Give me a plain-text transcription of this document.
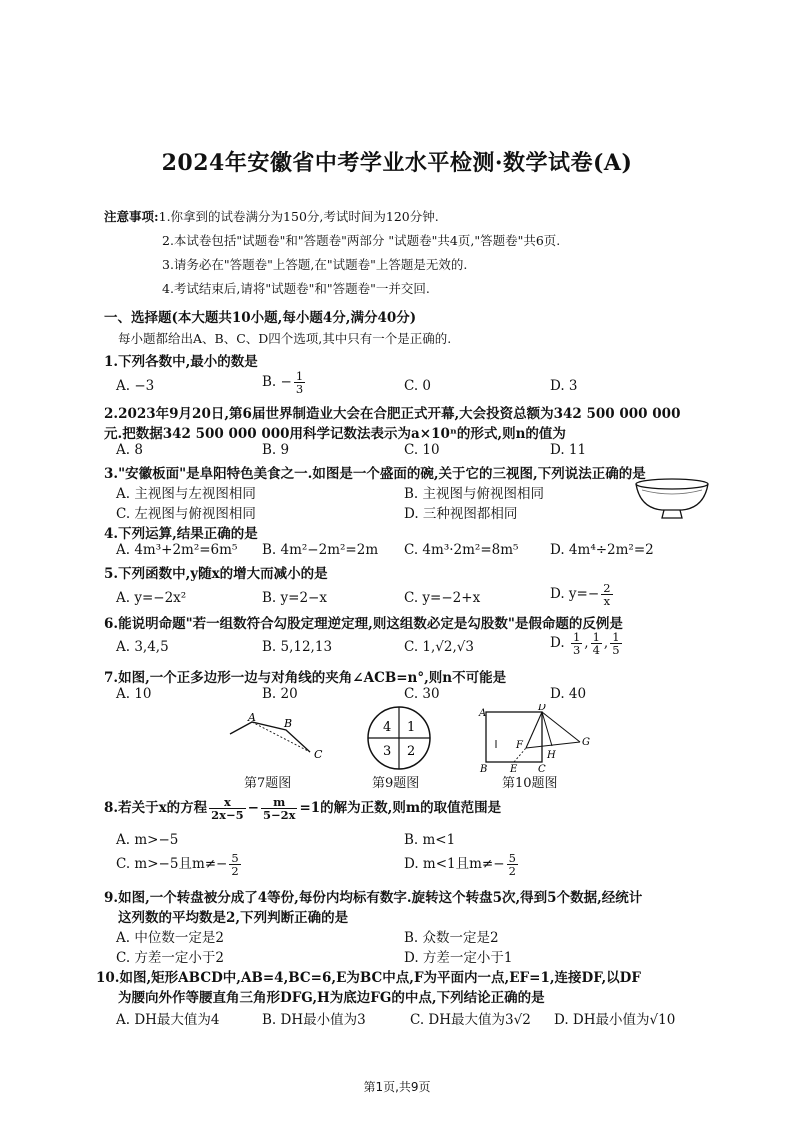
2024年安徽省中考学业水平检测·数学试卷(A)
注意事项:1.你拿到的试卷满分为150分,考试时间为120分钟.
2.本试卷包括"试题卷"和"答题卷"两部分 "试题卷"共4页,"答题卷"共6页.
3.请务必在"答题卷"上答题,在"试题卷"上答题是无效的.
4.考试结束后,请将"试题卷"和"答题卷"一并交回.
一、选择题(本大题共10小题,每小题4分,满分40分)
每小题都给出A、B、C、D四个选项,其中只有一个是正确的.
1.下列各数中,最小的数是
A. −3	B. − $\frac{1}{3}$	C. 0	D. 3
2.2023年9月20日,第6届世界制造业大会在合肥正式开幕,大会投资总额为342 500 000 000
元.把数据342 500 000 000用科学记数法表示为a×10ⁿ的形式,则n的值为
A. 8	B. 9	C. 10	D. 11
3."安徽板面"是阜阳特色美食之一.如图是一个盛面的碗,关于它的三视图,下列说法正确的是
A. 主视图与左视图相同	B. 主视图与俯视图相同
C. 左视图与俯视图相同	D. 三种视图都相同
4.下列运算,结果正确的是
A. 4m³+2m²=6m⁵ B. 4m²−2m²=2m C. 4m³·2m²=8m⁵ D. 4m⁴÷2m²=2
5.下列函数中,y随x的增大而减小的是
A. y=−2x²	B. y=2−x	C. y=−2+x	D. $y=- \frac{2}{x}$
6.能说明命题"若一组数符合勾股定理逆定理,则这组数必定是勾股数"是假命题的反例是
A. 3,4,5	B. 5,12,13	C. 1,√2,√3	D. $\frac{1}{3}$ , $\frac{1}{4}$ , $\frac{1}{5}$
7.如图,一个正多边形一边与对角线的夹角∠ACB=n°,则n不可能是
A. 10	B. 20	C. 30	D. 40
A	B
C
第7题图
4 1
3 2
第9题图
A
D
G
F
H
B E C
第10题图
8.若关于x的方程 $\frac{x}{2x-5} - \frac{m}{5-2x} =1$的解为正数,则m的取值范围是
A. m>−5	B. m<1
C. m>−5且$m\ne- \frac{5}{2}$	D. m<1且$m\ne- \frac{5}{2}$
9.如图,一个转盘被分成了4等份,每份内均标有数字.旋转这个转盘5次,得到5个数据,经统计
这列数的平均数是2,下列判断正确的是
A. 中位数一定是2	B. 众数一定是2
C. 方差一定小于2	D. 方差一定小于1
10.如图,矩形ABCD中,AB=4,BC=6,E为BC中点,F为平面内一点,EF=1,连接DF,以DF
为腰向外作等腰直角三角形DFG,H为底边FG的中点,下列结论正确的是
A. DH最大值为4	B. DH最小值为3	C. DH最大值为3√2 D. DH最小值为√10
第1页,共9页
